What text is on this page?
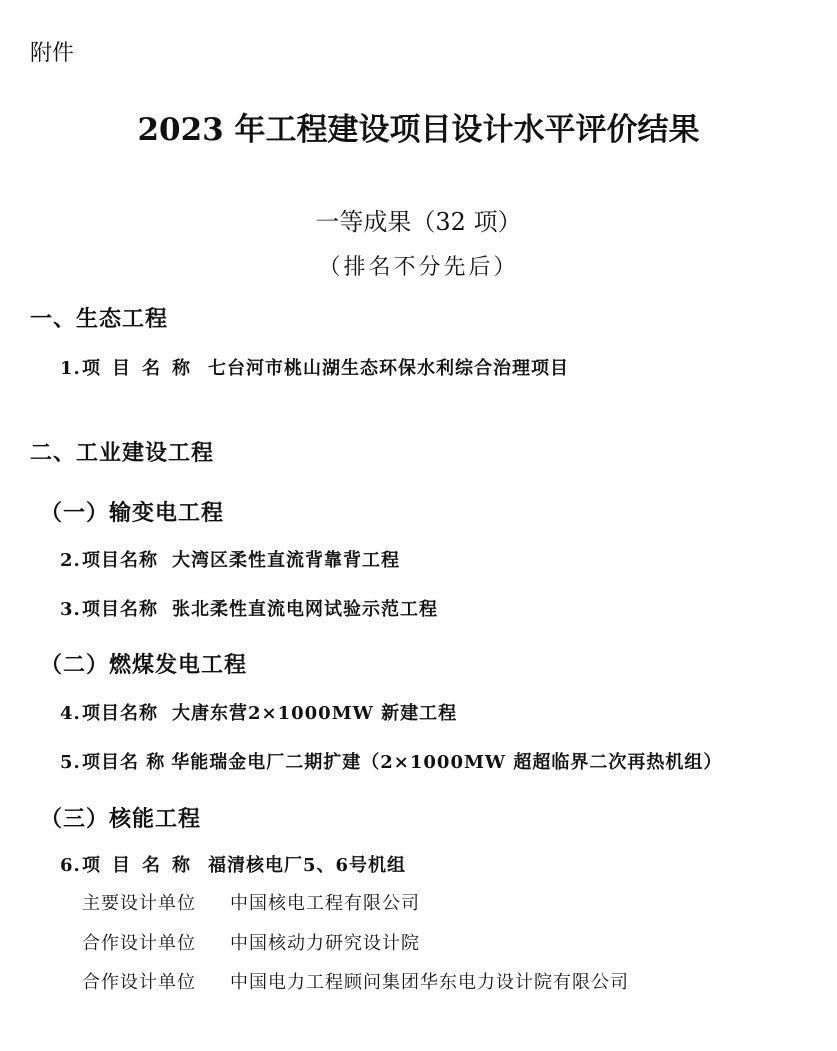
附件
2023 年工程建设项目设计水平评价结果
一等成果（32 项）
（排名不分先后）
一、生态工程
1.项目名称 七台河市桃山湖生态环保水利综合治理项目
二、工业建设工程
（一）输变电工程
2.项目名称 大湾区柔性直流背靠背工程
3.项目名称 张北柔性直流电网试验示范工程
（二）燃煤发电工程
4.项目名称 大唐东营2×1000MW 新建工程
5.项目名 称 华能瑞金电厂二期扩建（2×1000MW 超超临界二次再热机组）
（三）核能工程
6.项目名称 福清核电厂5、6号机组
主要设计单位 中国核电工程有限公司
合作设计单位 中国核动力研究设计院
合作设计单位 中国电力工程顾问集团华东电力设计院有限公司
